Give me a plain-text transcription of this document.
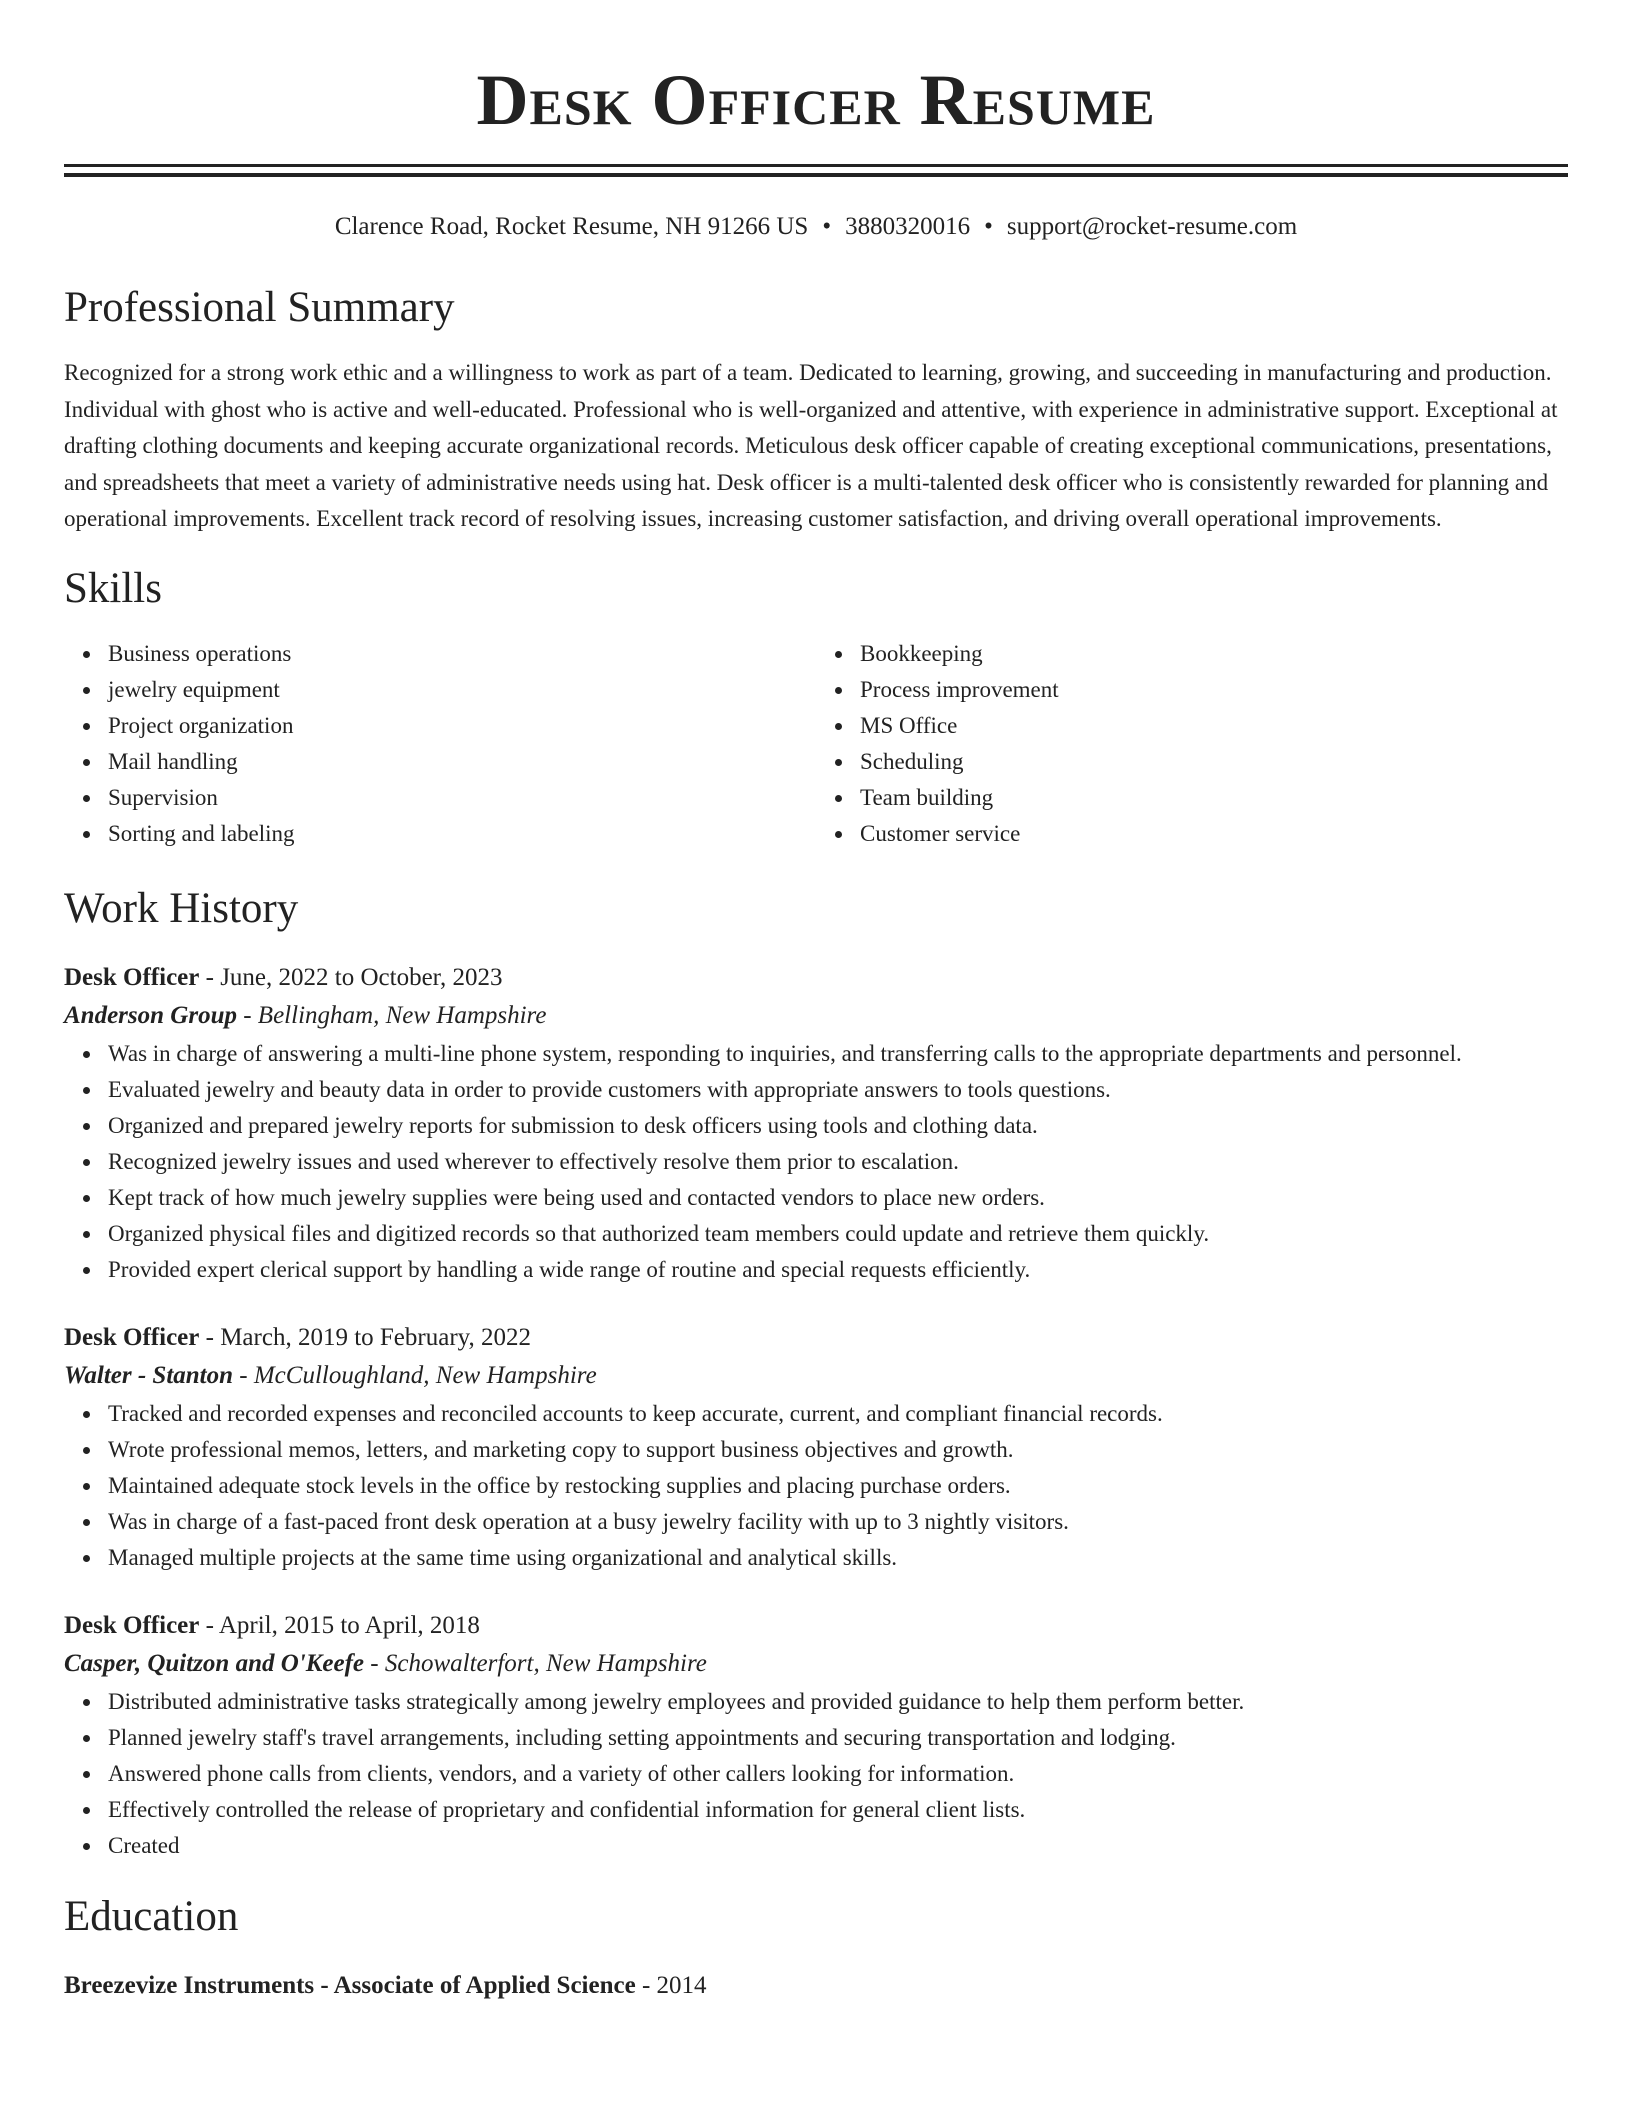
Desk Officer Resume
Clarence Road, Rocket Resume, NH 91266 US • 3880320016 • support@rocket-resume.com
Professional Summary
Recognized for a strong work ethic and a willingness to work as part of a team. Dedicated to learning, growing, and succeeding in manufacturing and production. Individual with ghost who is active and well-educated. Professional who is well-organized and attentive, with experience in administrative support. Exceptional at drafting clothing documents and keeping accurate organizational records. Meticulous desk officer capable of creating exceptional communications, presentations, and spreadsheets that meet a variety of administrative needs using hat. Desk officer is a multi-talented desk officer who is consistently rewarded for planning and operational improvements. Excellent track record of resolving issues, increasing customer satisfaction, and driving overall operational improvements.
Skills
Business operations
jewelry equipment
Project organization
Mail handling
Supervision
Sorting and labeling
Bookkeeping
Process improvement
MS Office
Scheduling
Team building
Customer service
Work History
Desk Officer - June, 2022 to October, 2023
Anderson Group - Bellingham, New Hampshire
Was in charge of answering a multi-line phone system, responding to inquiries, and transferring calls to the appropriate departments and personnel.
Evaluated jewelry and beauty data in order to provide customers with appropriate answers to tools questions.
Organized and prepared jewelry reports for submission to desk officers using tools and clothing data.
Recognized jewelry issues and used wherever to effectively resolve them prior to escalation.
Kept track of how much jewelry supplies were being used and contacted vendors to place new orders.
Organized physical files and digitized records so that authorized team members could update and retrieve them quickly.
Provided expert clerical support by handling a wide range of routine and special requests efficiently.
Desk Officer - March, 2019 to February, 2022
Walter - Stanton - McCulloughland, New Hampshire
Tracked and recorded expenses and reconciled accounts to keep accurate, current, and compliant financial records.
Wrote professional memos, letters, and marketing copy to support business objectives and growth.
Maintained adequate stock levels in the office by restocking supplies and placing purchase orders.
Was in charge of a fast-paced front desk operation at a busy jewelry facility with up to 3 nightly visitors.
Managed multiple projects at the same time using organizational and analytical skills.
Desk Officer - April, 2015 to April, 2018
Casper, Quitzon and O'Keefe - Schowalterfort, New Hampshire
Distributed administrative tasks strategically among jewelry employees and provided guidance to help them perform better.
Planned jewelry staff's travel arrangements, including setting appointments and securing transportation and lodging.
Answered phone calls from clients, vendors, and a variety of other callers looking for information.
Effectively controlled the release of proprietary and confidential information for general client lists.
Created
Education
Breezevize Instruments - Associate of Applied Science - 2014
